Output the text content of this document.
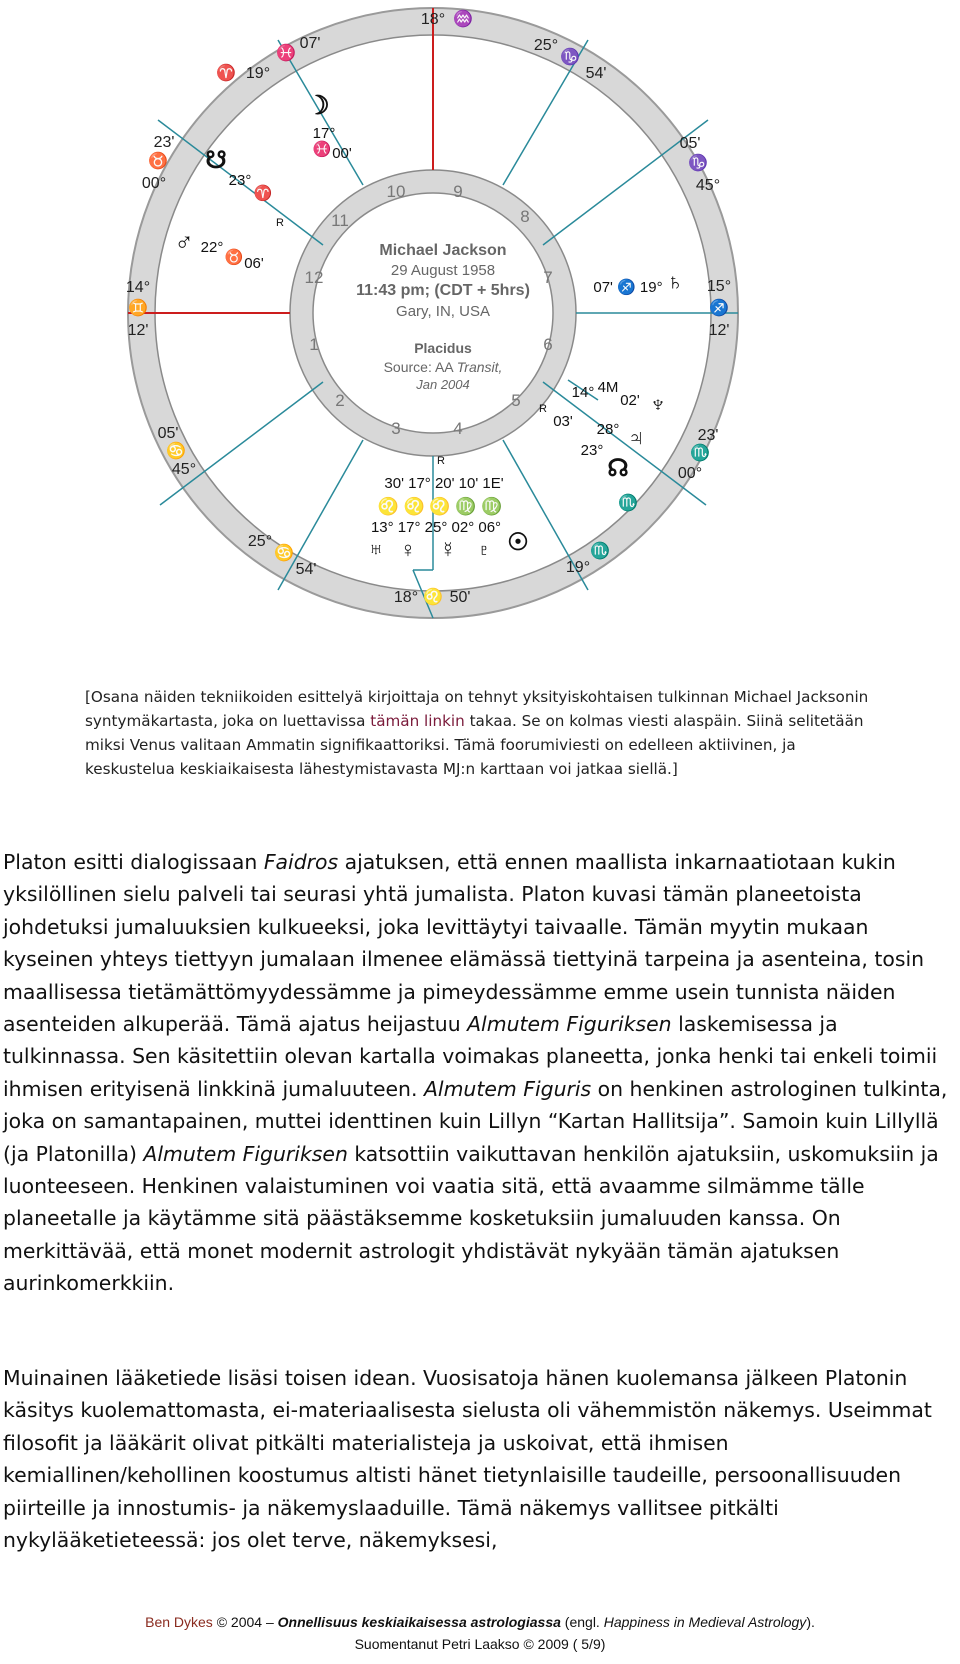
10	9
8
7
6
5
4
3
2
1
12
11
Michael Jackson
29 August 1958
11:43 pm; (CDT + 5hrs)
Gary, IN, USA
Placidus
Source: AA Transit,
Jan 2004
07'
18° ♒
25°
♑
54'
05'
♑
45°
15°
♐
12'
23'
♏
00°
♏
♏
19°
18° ♌ 50'
25°
♋
54'
05'
♋
45°
14°
♊
12'
23'
♉
00°
♈ 19°
♓
☽
17°
♓ 00'
☋
23°
♈
R
♂ 22°
♉ 06'
07' ♐ 19° ♄
14° 4M
02'
03' 28°
23°
R	♆
♃
☊
R
30' 17° 20' 10' 1E'
♌ ♌ ♌ ♍ ♍
13° 17° 25° 02° 06°
♅ ♀ ☿ ♇ ☉
[Osana näiden tekniikoiden esittelyä kirjoittaja on tehnyt yksityiskohtaisen tulkinnan Michael Jacksonin syntymäkartasta, joka on luettavissa tämän linkin takaa. Se on kolmas viesti alaspäin. Siinä selitetään miksi Venus valitaan Ammatin signifikaattoriksi. Tämä foorumiviesti on edelleen aktiivinen, ja keskustelua keskiaikaisesta lähestymistavasta MJ:n karttaan voi jatkaa siellä.]
Platon esitti dialogissaan Faidros ajatuksen, että ennen maallista inkarnaatiotaan kukin yksilöllinen sielu palveli tai seurasi yhtä jumalista. Platon kuvasi tämän planeetoista johdetuksi jumaluuksien kulkueeksi, joka levittäytyi taivaalle. Tämän myytin mukaan kyseinen yhteys tiettyyn jumalaan ilmenee elämässä tiettyinä tarpeina ja asenteina, tosin maallisessa tietämättömyydessämme ja pimeydessämme emme usein tunnista näiden asenteiden alkuperää. Tämä ajatus heijastuu Almutem Figuriksen laskemisessa ja tulkinnassa. Sen käsitettiin olevan kartalla voimakas planeetta, jonka henki tai enkeli toimii ihmisen erityisenä linkkinä jumaluuteen. Almutem Figuris on henkinen astrologinen tulkinta, joka on samantapainen, muttei identtinen kuin Lillyn “Kartan Hallitsija”. Samoin kuin Lillyllä (ja Platonilla) Almutem Figuriksen katsottiin vaikuttavan henkilön ajatuksiin, uskomuksiin ja luonteeseen. Henkinen valaistuminen voi vaatia sitä, että avaamme silmämme tälle planeetalle ja käytämme sitä päästäksemme kosketuksiin jumaluuden kanssa. On merkittävää, että monet modernit astrologit yhdistävät nykyään tämän ajatuksen aurinkomerkkiin.
Muinainen lääketiede lisäsi toisen idean. Vuosisatoja hänen kuolemansa jälkeen Platonin käsitys kuolemattomasta, ei-materiaalisesta sielusta oli vähemmistön näkemys. Useimmat filosofit ja lääkärit olivat pitkälti materialisteja ja uskoivat, että ihmisen kemiallinen/kehollinen koostumus altisti hänet tietynlaisille taudeille, persoonallisuuden piirteille ja innostumis- ja näkemyslaaduille. Tämä näkemys vallitsee pitkälti nykylääketieteessä: jos olet terve, näkemyksesi,
Ben Dykes © 2004 – Onnellisuus keskiaikaisessa astrologiassa (engl. Happiness in Medieval Astrology).
Suomentanut Petri Laakso © 2009 ( 5/9)
